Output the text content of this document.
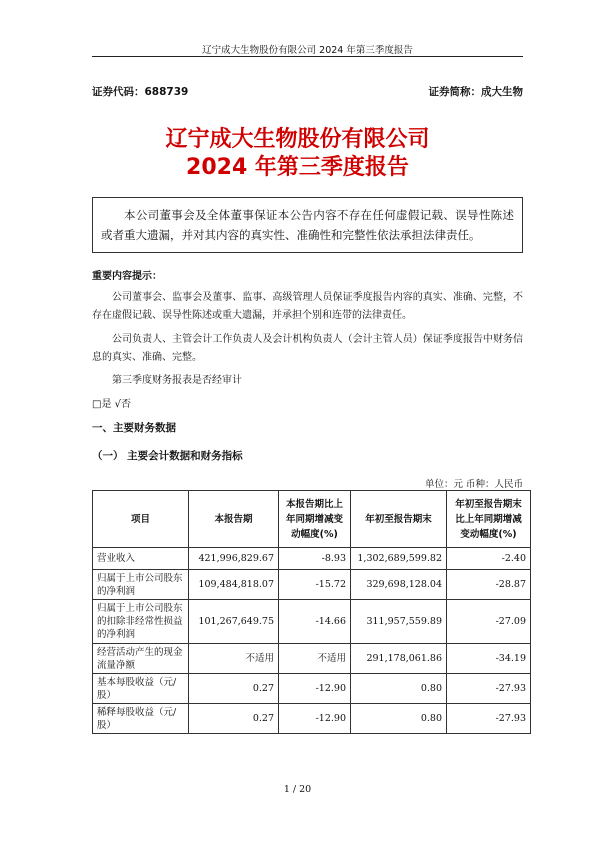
辽宁成大生物股份有限公司 2024 年第三季度报告
证券代码：688739	证券简称：成大生物
辽宁成大生物股份有限公司
2024 年第三季度报告
本公司董事会及全体董事保证本公告内容不存在任何虚假记载、误导性陈述或者重大遗漏，并对其内容的真实性、准确性和完整性依法承担法律责任。
重要内容提示：
公司董事会、监事会及董事、监事、高级管理人员保证季度报告内容的真实、准确、完整，不存在虚假记载、误导性陈述或重大遗漏，并承担个别和连带的法律责任。
公司负责人、主管会计工作负责人及会计机构负责人（会计主管人员）保证季度报告中财务信息的真实、准确、完整。
第三季度财务报表是否经审计
□是 √否
一、主要财务数据
（一） 主要会计数据和财务指标
单位：元 币种：人民币
项目	本报告期	本报告期比上年同期增减变动幅度(%)	年初至报告期末	年初至报告期末比上年同期增减变动幅度(%)
营业收入	421,996,829.67	-8.93	1,302,689,599.82	-2.40
归属于上市公司股东的净利润	109,484,818.07	-15.72	329,698,128.04	-28.87
归属于上市公司股东的扣除非经常性损益的净利润	101,267,649.75	-14.66	311,957,559.89	-27.09
经营活动产生的现金流量净额	不适用	不适用	291,178,061.86	-34.19
基本每股收益（元/股）	0.27	-12.90	0.80	-27.93
稀释每股收益（元/股）	0.27	-12.90	0.80	-27.93
1 / 20
